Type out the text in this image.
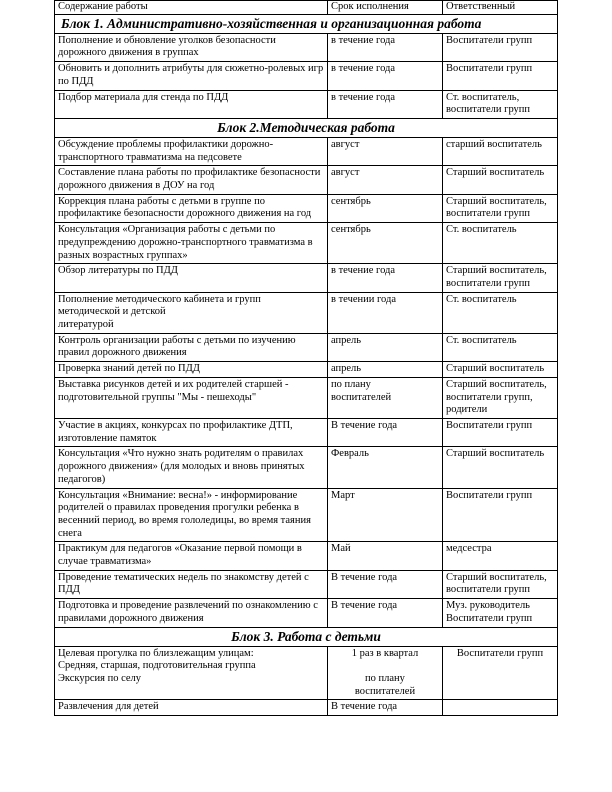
Содержание работы	Срок исполнения	Ответственный
Блок 1. Административно-хозяйственная и организационная работа		
Пополнение и обновление уголков безопасности дорожного движения в группах	в течение года	Воспитатели групп
Обновить и дополнить атрибуты для сюжетно-ролевых игр по ПДД	в течение года	Воспитатели групп
Подбор материала для стенда по ПДД	в течение года	Ст. воспитатель,
воспитатели групп
Блок 2.Методическая работа		
Обсуждение проблемы профилактики дорожно-транспортного травматизма на педсовете	август	старший воспитатель
Составление плана работы по профилактике безопасности дорожного движения в ДОУ на год	август	Старший воспитатель
Коррекция плана работы с детьми в группе по профилактике безопасности дорожного движения на год	сентябрь	Старший воспитатель,
воспитатели групп
Консультация «Организация работы с детьми по предупреждению дорожно-транспортного травматизма в разных возрастных группах»	сентябрь	Ст. воспитатель
Обзор литературы по ПДД	в течение года	Старший воспитатель,
воспитатели групп
Пополнение методического кабинета и групп
методической и детской
литературой	в течении года	Ст. воспитатель
Контроль организации работы с детьми по изучению правил дорожного движения	апрель	Ст. воспитатель
Проверка знаний детей по ПДД	апрель	Старший воспитатель
Выставка рисунков детей и их родителей старшей - подготовительной группы "Мы - пешеходы"	по плану
воспитателей	Старший воспитатель,
воспитатели групп,
родители
Участие в акциях, конкурсах по профилактике ДТП, изготовление памяток	В течение года	Воспитатели групп
Консультация «Что нужно знать родителям о правилах дорожного движения» (для молодых и вновь принятых педагогов)	Февраль	Старший воспитатель
Консультация «Внимание: весна!» - информирование родителей о правилах проведения прогулки ребенка в весенний период, во время гололедицы, во время таяния снега	Март	Воспитатели групп
Практикум для педагогов «Оказание первой помощи в случае травматизма»	Май	медсестра
Проведение тематических недель по знакомству детей с ПДД	В течение года	Старший воспитатель,
воспитатели групп
Подготовка и проведение развлечений по ознакомлению с правилами дорожного движения	В течение года	Муз. руководитель
Воспитатели групп
Блок 3. Работа с детьми		
Целевая прогулка по близлежащим улицам:
Средняя, старшая, подготовительная группа
Экскурсия по селу	1 раз в квартал

по плану
воспитателей	Воспитатели групп
Развлечения для детей	В течение года	
